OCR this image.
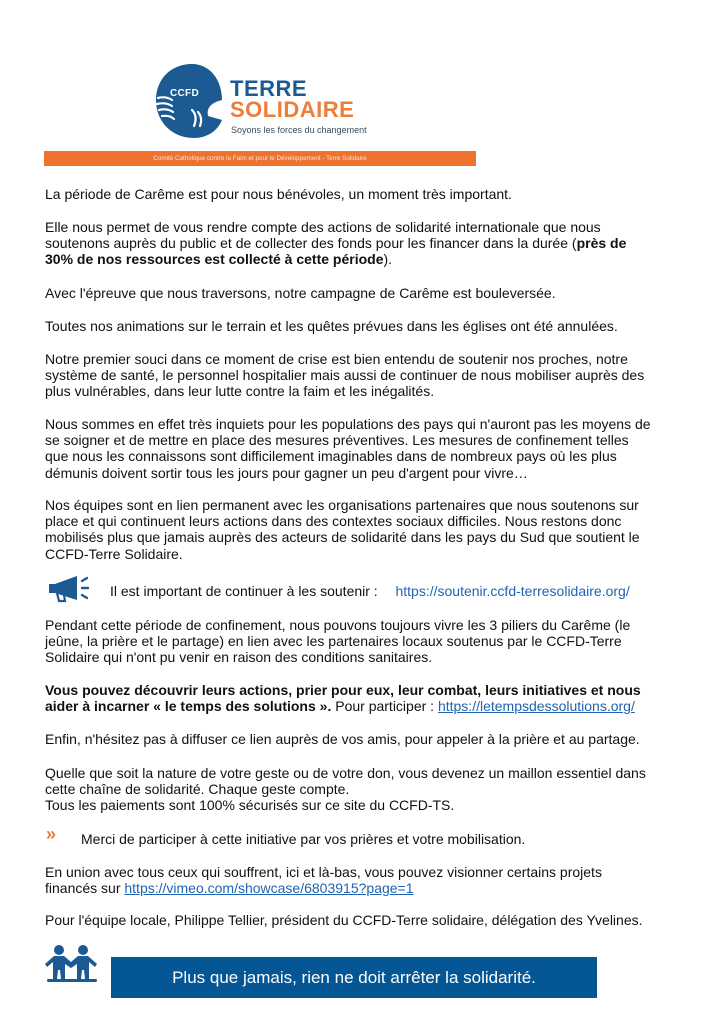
CCFD TERRE
SOLIDAIRE
Soyons les forces du changement
Comité Catholique contre la Faim et pour le Développement - Terre Solidaire
La période de Carême est pour nous bénévoles, un moment très important.
Elle nous permet de vous rendre compte des actions de solidarité internationale que nous
soutenons auprès du public et de collecter des fonds pour les financer dans la durée (près de
30% de nos ressources est collecté à cette période).
Avec l'épreuve que nous traversons, notre campagne de Carême est bouleversée.
Toutes nos animations sur le terrain et les quêtes prévues dans les églises ont été annulées.
Notre premier souci dans ce moment de crise est bien entendu de soutenir nos proches, notre
système de santé, le personnel hospitalier mais aussi de continuer de nous mobiliser auprès des
plus vulnérables, dans leur lutte contre la faim et les inégalités.
Nous sommes en effet très inquiets pour les populations des pays qui n'auront pas les moyens de
se soigner et de mettre en place des mesures préventives. Les mesures de confinement telles
que nous les connaissons sont difficilement imaginables dans de nombreux pays où les plus
démunis doivent sortir tous les jours pour gagner un peu d'argent pour vivre…
Nos équipes sont en lien permanent avec les organisations partenaires que nous soutenons sur
place et qui continuent leurs actions dans des contextes sociaux difficiles. Nous restons donc
mobilisés plus que jamais auprès des acteurs de solidarité dans les pays du Sud que soutient le
CCFD-Terre Solidaire.
Il est important de continuer à les soutenir : https://soutenir.ccfd-terresolidaire.org/
Pendant cette période de confinement, nous pouvons toujours vivre les 3 piliers du Carême (le
jeûne, la prière et le partage) en lien avec les partenaires locaux soutenus par le CCFD-Terre
Solidaire qui n'ont pu venir en raison des conditions sanitaires.
Vous pouvez découvrir leurs actions, prier pour eux, leur combat, leurs initiatives et nous
aider à incarner « le temps des solutions ». Pour participer : https://letempsdessolutions.org/
Enfin, n'hésitez pas à diffuser ce lien auprès de vos amis, pour appeler à la prière et au partage.
Quelle que soit la nature de votre geste ou de votre don, vous devenez un maillon essentiel dans
cette chaîne de solidarité. Chaque geste compte.
Tous les paiements sont 100% sécurisés sur ce site du CCFD-TS.
» Merci de participer à cette initiative par vos prières et votre mobilisation.
En union avec tous ceux qui souffrent, ici et là-bas, vous pouvez visionner certains projets
financés sur https://vimeo.com/showcase/6803915?page=1
Pour l'équipe locale, Philippe Tellier, président du CCFD-Terre solidaire, délégation des Yvelines.
Plus que jamais, rien ne doit arrêter la solidarité.
